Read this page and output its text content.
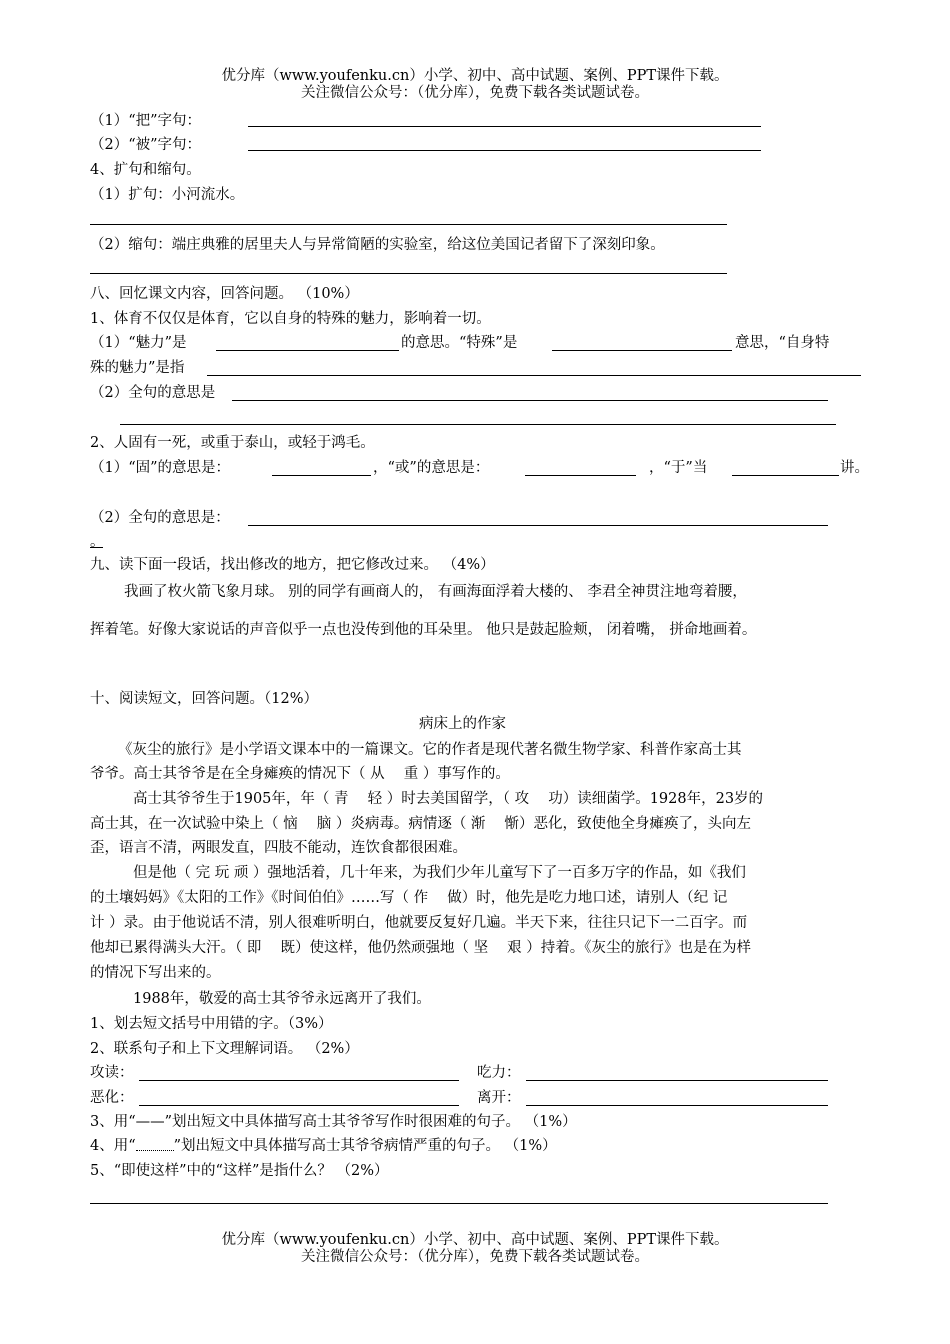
优分库（www.youfenku.cn）小学、初中、高中试题、案例、PPT课件下载。
关注微信公众号：（优分库），免费下载各类试题试卷。
（1）“把”字句：
（2）“被”字句：
4、扩句和缩句。
（1）扩句：小河流水。
（2）缩句：端庄典雅的居里夫人与异常简陋的实验室，给这位美国记者留下了深刻印象。
八、回忆课文内容，回答问题。 （10%）
1、体育不仅仅是体育，它以自身的特殊的魅力，影响着一切。
（1）“魅力”是	的意思。“特殊”是	意思，“自身特
殊的魅力”是指
（2）全句的意思是
2、人固有一死，或重于泰山，或轻于鸿毛。
（1）“固”的意思是：	，“或”的意思是：	，“于”当	讲。
（2）全句的意思是：
。
九、读下面一段话，找出修改的地方，把它修改过来。 （4%）
我画了枚火箭飞象月球。 别的同学有画商人的， 有画海面浮着大楼的、 李君全神贯注地弯着腰，
挥着笔。好像大家说话的声音似乎一点也没传到他的耳朵里。 他只是鼓起脸颊， 闭着嘴， 拼命地画着。
十、阅读短文，回答问题。（12%）
病床上的作家
《灰尘的旅行》是小学语文课本中的一篇课文。它的作者是现代著名微生物学家、科普作家高士其
爷爷。高士其爷爷是在全身瘫痪的情况下（ 从 　重 ）事写作的。
高士其爷爷生于1905年，年（ 青 　轻 ）时去美国留学，（ 攻 　功）读细菌学。1928年，23岁的
高士其，在一次试验中染上（ 恼 　脑 ）炎病毒。病情逐（ 渐 　惭）恶化，致使他全身瘫痪了，头向左
歪，语言不清，两眼发直，四肢不能动，连饮食都很困难。
但是他（ 完 玩 顽 ）强地活着，几十年来，为我们少年儿童写下了一百多万字的作品，如《我们
的土壤妈妈》《太阳的工作》《时间伯伯》……写（ 作 　做）时，他先是吃力地口述，请别人（纪 记
计 ）录。由于他说话不清，别人很难听明白，他就要反复好几遍。半天下来，往往只记下一二百字。而
他却已累得满头大汗。（ 即 　既）使这样，他仍然顽强地（ 坚 　艰 ）持着。《灰尘的旅行》也是在为样
的情况下写出来的。
1988年，敬爱的高士其爷爷永远离开了我们。
1、划去短文括号中用错的字。（3%）
2、联系句子和上下文理解词语。 （2%）
攻读：	吃力：
恶化：	离开：
3、用“——”划出短文中具体描写高士其爷爷写作时很困难的句子。 （1%）
4、用“	”划出短文中具体描写高士其爷爷病情严重的句子。 （1%）
5、“即使这样”中的“这样”是指什么？ （2%）
优分库（www.youfenku.cn）小学、初中、高中试题、案例、PPT课件下载。
关注微信公众号：（优分库），免费下载各类试题试卷。
